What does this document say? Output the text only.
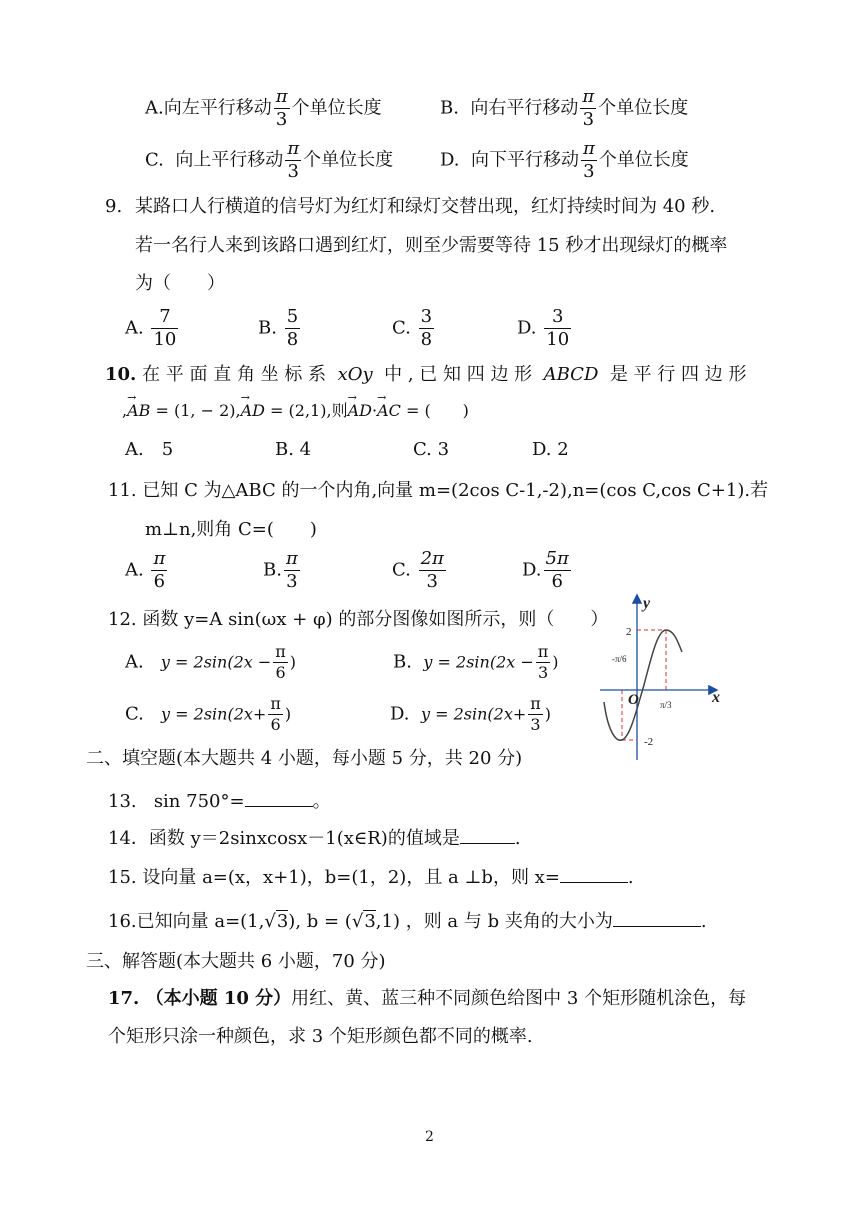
A.向左平行移动 $\frac{\pi}{3}$ 个单位长度	B. 向右平行移动 $\frac{\pi}{3}$ 个单位长度
C. 向上平行移动 $\frac{\pi}{3}$ 个单位长度	D. 向下平行移动 $\frac{\pi}{3}$ 个单位长度
9. 某路口人行横道的信号灯为红灯和绿灯交替出现，红灯持续时间为 40 秒.
若一名行人来到该路口遇到红灯，则至少需要等待 15 秒才出现绿灯的概率
为（　　）
A. $\frac{7}{10}$	B. $\frac{5}{8}$	C. $\frac{3}{8}$	D. $\frac{3}{10}$
10. 在 平 面 直 角 坐 标 系 xOy 中 , 已 知 四 边 形 ABCD 是 平 行 四 边 形
,→ AB = (1, − 2),→ AD = (2,1),则→ AD·→ AC = (　　)
A.　5	B. 4	C. 3	D. 2
11. 已知 C 为△ABC 的一个内角,向量 m=(2cos C-1,-2),n=(cos C,cos C+1).若
m⊥n,则角 C=(　　)
A. $\frac{\pi}{6}$	B. $\frac{\pi}{3}$	C. $\frac{2\pi}{3}$	D. $\frac{5\pi}{6}$
12. 函数 y=A sin(ωx + φ) 的部分图像如图所示，则（　　）
A. $y = 2\sin(2x - \frac{\pi}{6}$ )	B. $y = 2\sin(2x - \frac{\pi}{3}$ )
C. $y = 2\sin(2x+ \frac{\pi}{6}$ )	D. $y = 2\sin(2x+ \frac{\pi}{3}$ )
y
x
O
2
-2
-π/6
π/3
二、填空题(本大题共 4 小题，每小题 5 分，共 20 分)
13. sin 750°=	。
14．函数 y＝2sinxcosx－1(x∈R)的值域是	.
15. 设向量 a=(x，x+1)，b=(1，2)，且 a ⊥b，则 x=	.
16.已知向量 a=(1,√3), b = (√3,1) ，则 a 与 b 夹角的大小为	.
三、解答题(本大题共 6 小题，70 分)
17. （本小题 10 分）用红、黄、蓝三种不同颜色给图中 3 个矩形随机涂色，每
个矩形只涂一种颜色，求 3 个矩形颜色都不同的概率.
2
